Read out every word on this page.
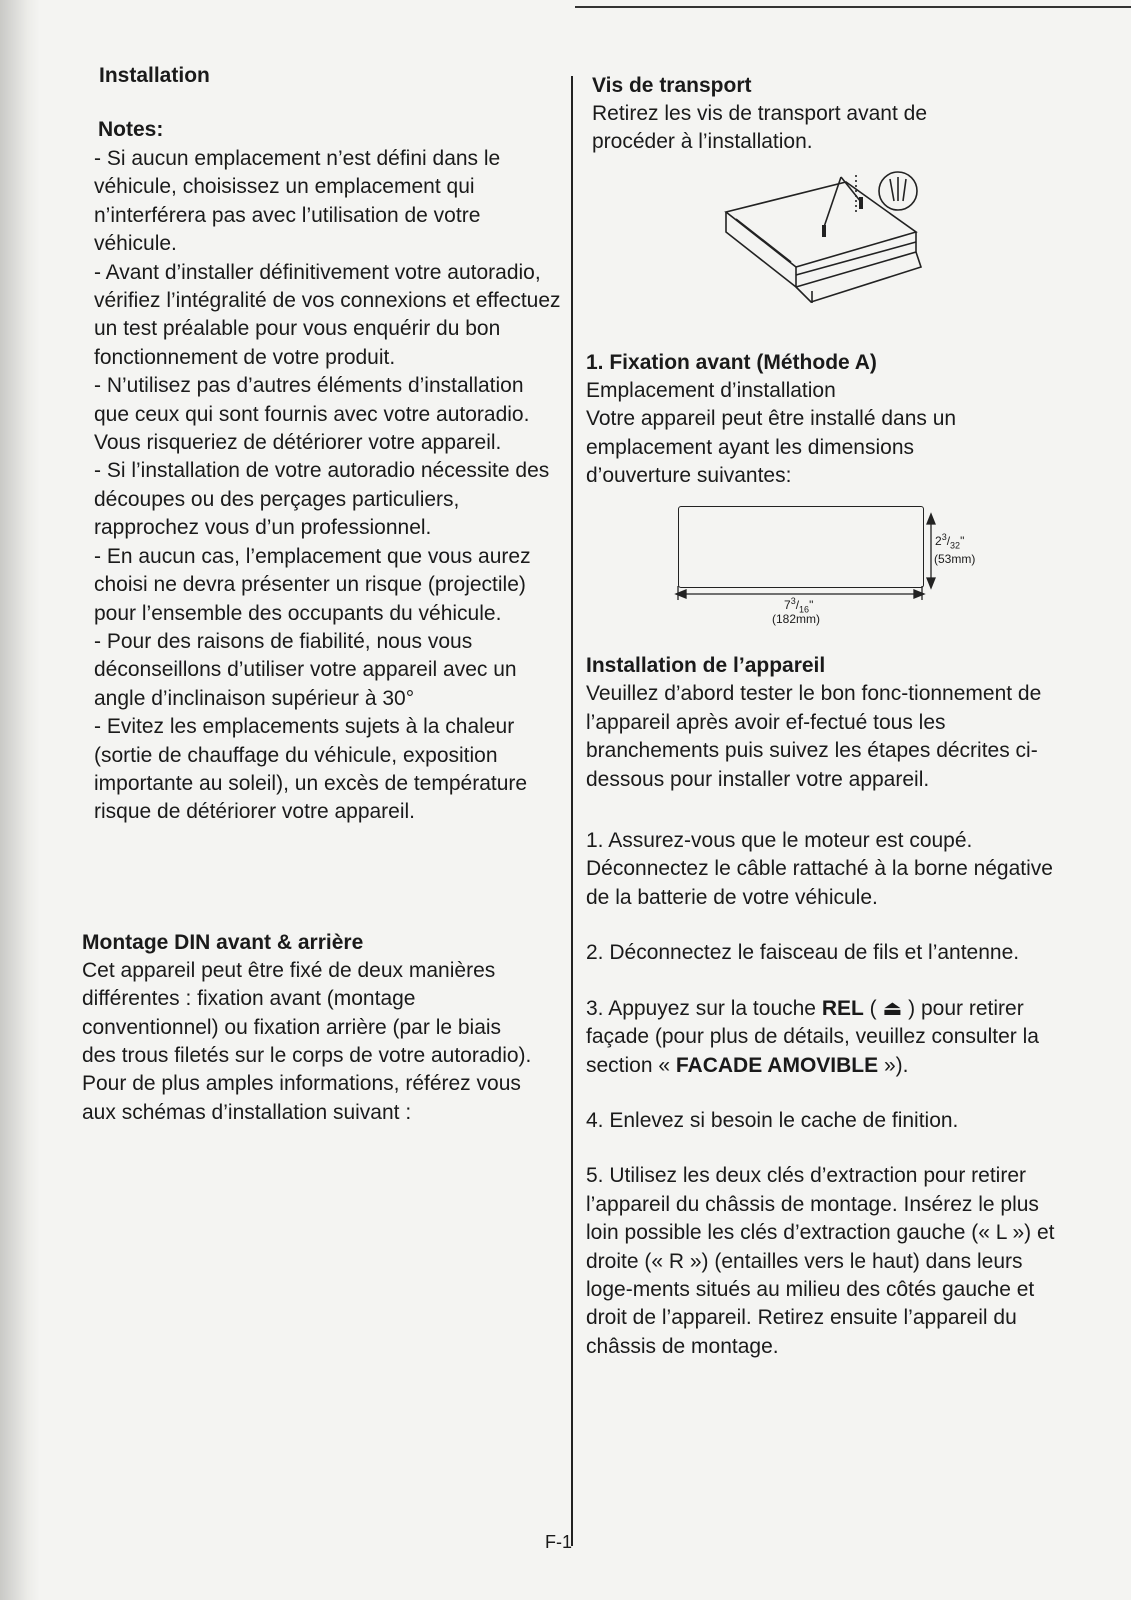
Installation
Notes:

- Si aucun emplacement n’est défini dans le véhicule, choisissez un emplacement qui n’interférera pas avec l’utilisation de votre véhicule.

- Avant d’installer définitivement votre autoradio, vérifiez l’intégralité de vos connexions et effectuez un test préalable pour vous enquérir du bon fonctionnement de votre produit.

- N’utilisez pas d’autres éléments d’installation que ceux qui sont fournis avec votre autoradio. Vous risqueriez de détériorer votre appareil.

- Si l’installation de votre autoradio nécessite des découpes ou des perçages particuliers, rapprochez vous d’un professionnel.

- En aucun cas, l’emplacement que vous aurez choisi ne devra présenter un risque (projectile) pour l’ensemble des occupants du véhicule.

- Pour des raisons de fiabilité, nous vous déconseillons d’utiliser votre appareil avec un angle d’inclinaison supérieur à 30°

- Evitez les emplacements sujets à la chaleur (sortie de chauffage du véhicule, exposition importante au soleil), un excès de température risque de détériorer votre appareil.

Montage DIN avant & arrière

Cet appareil peut être fixé de deux manières différentes : fixation avant (montage conventionnel) ou fixation arrière (par le biais des trous filetés sur le corps de votre autoradio). Pour de plus amples informations, référez vous aux schémas d’installation suivant :

Vis de transport

Retirez les vis de transport avant de procéder à l’installation.

1. Fixation avant (Méthode A)

Emplacement d’installation

Votre appareil peut être installé dans un emplacement ayant les dimensions d’ouverture suivantes:

$2^3/_{32}$"
(53mm)
$7^3/_{16}$"
(182mm)
Installation de l’appareil

Veuillez d’abord tester le bon fonc-tionnement de l’appareil après avoir ef-fectué tous les branchements puis suivez les étapes décrites ci-dessous pour installer votre appareil.

1. Assurez-vous que le moteur est coupé. Déconnectez le câble rattaché à la borne négative de la batterie de votre véhicule.

2. Déconnectez le faisceau de fils et l’antenne.

3. Appuyez sur la touche REL ( ⏏ ) pour retirer façade (pour plus de détails, veuillez consulter la section « FACADE AMOVIBLE »).

4. Enlevez si besoin le cache de finition.

5. Utilisez les deux clés d’extraction pour retirer l’appareil du châssis de montage. Insérez le plus loin possible les clés d’extraction gauche (« L ») et droite (« R ») (entailles vers le haut) dans leurs loge-ments situés au milieu des côtés gauche et droit de l’appareil. Retirez ensuite l’appareil du châssis de montage.

F-1
